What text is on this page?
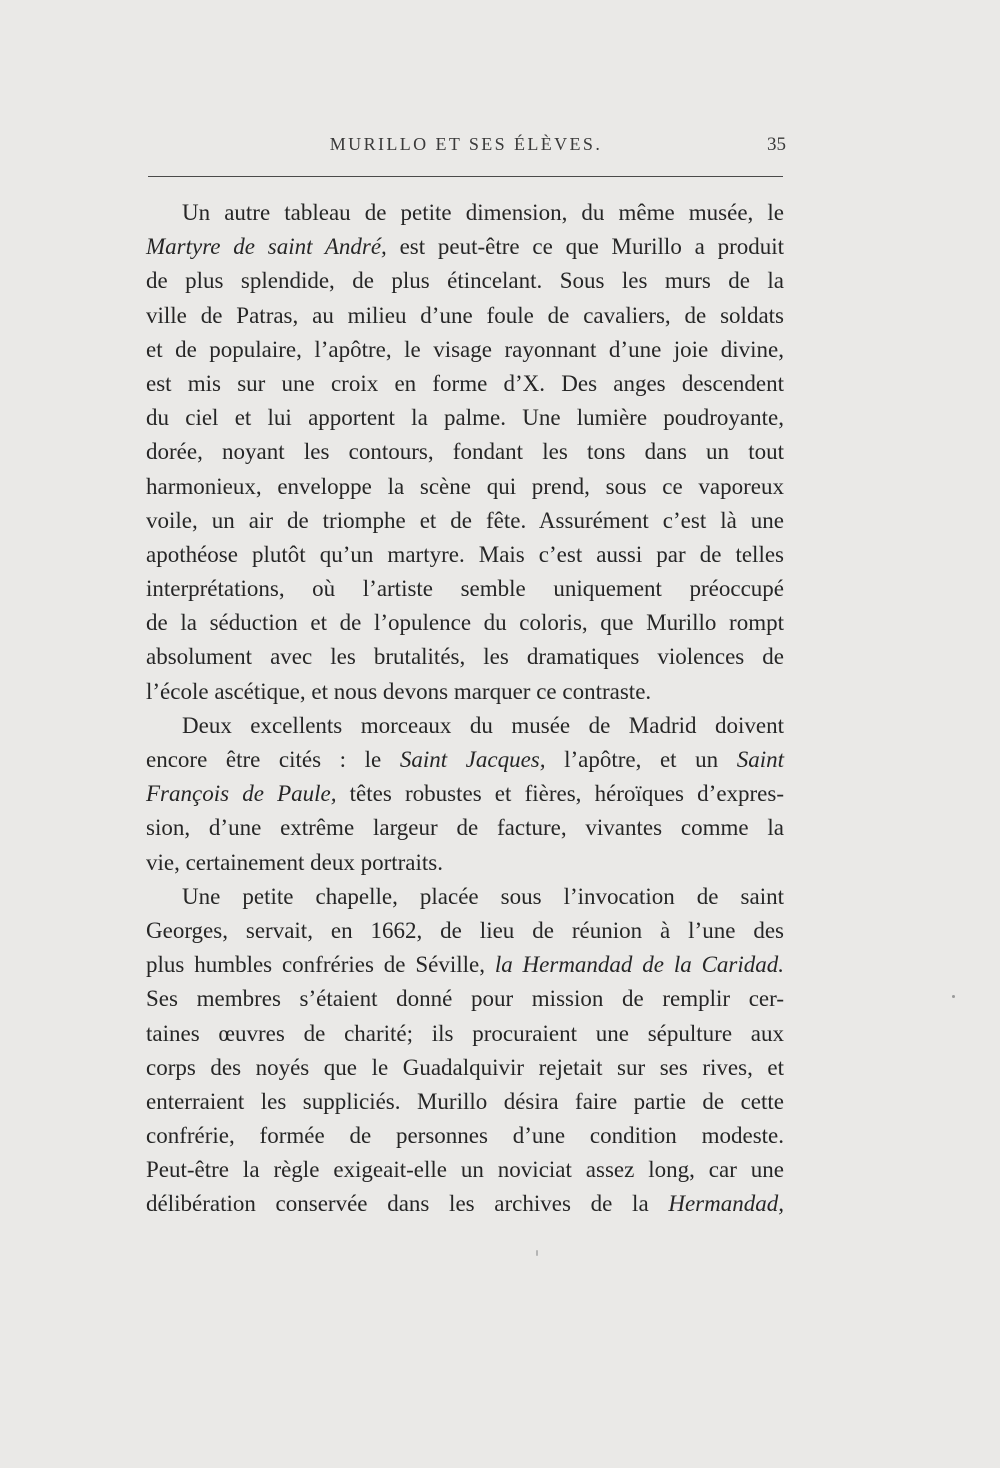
MURILLO ET SES ÉLÈVES.	35
Un autre tableau de petite dimension, du même musée, le
Martyre de saint André, est peut-être ce que Murillo a produit
de plus splendide, de plus étincelant. Sous les murs de la
ville de Patras, au milieu d’une foule de cavaliers, de soldats
et de populaire, l’apôtre, le visage rayonnant d’une joie divine,
est mis sur une croix en forme d’X. Des anges descendent
du ciel et lui apportent la palme. Une lumière poudroyante,
dorée, noyant les contours, fondant les tons dans un tout
harmonieux, enveloppe la scène qui prend, sous ce vaporeux
voile, un air de triomphe et de fête. Assurément c’est là une
apothéose plutôt qu’un martyre. Mais c’est aussi par de telles
interprétations, où l’artiste semble uniquement préoccupé
de la séduction et de l’opulence du coloris, que Murillo rompt
absolument avec les brutalités, les dramatiques violences de
l’école ascétique, et nous devons marquer ce contraste.
Deux excellents morceaux du musée de Madrid doivent
encore être cités : le Saint Jacques, l’apôtre, et un Saint
François de Paule, têtes robustes et fières, héroïques d’expres-
sion, d’une extrême largeur de facture, vivantes comme la
vie, certainement deux portraits.
Une petite chapelle, placée sous l’invocation de saint
Georges, servait, en 1662, de lieu de réunion à l’une des
plus humbles confréries de Séville, la Hermandad de la Caridad.
Ses membres s’étaient donné pour mission de remplir cer-
taines œuvres de charité; ils procuraient une sépulture aux
corps des noyés que le Guadalquivir rejetait sur ses rives, et
enterraient les suppliciés. Murillo désira faire partie de cette
confrérie, formée de personnes d’une condition modeste.
Peut-être la règle exigeait-elle un noviciat assez long, car une
délibération conservée dans les archives de la Hermandad,
